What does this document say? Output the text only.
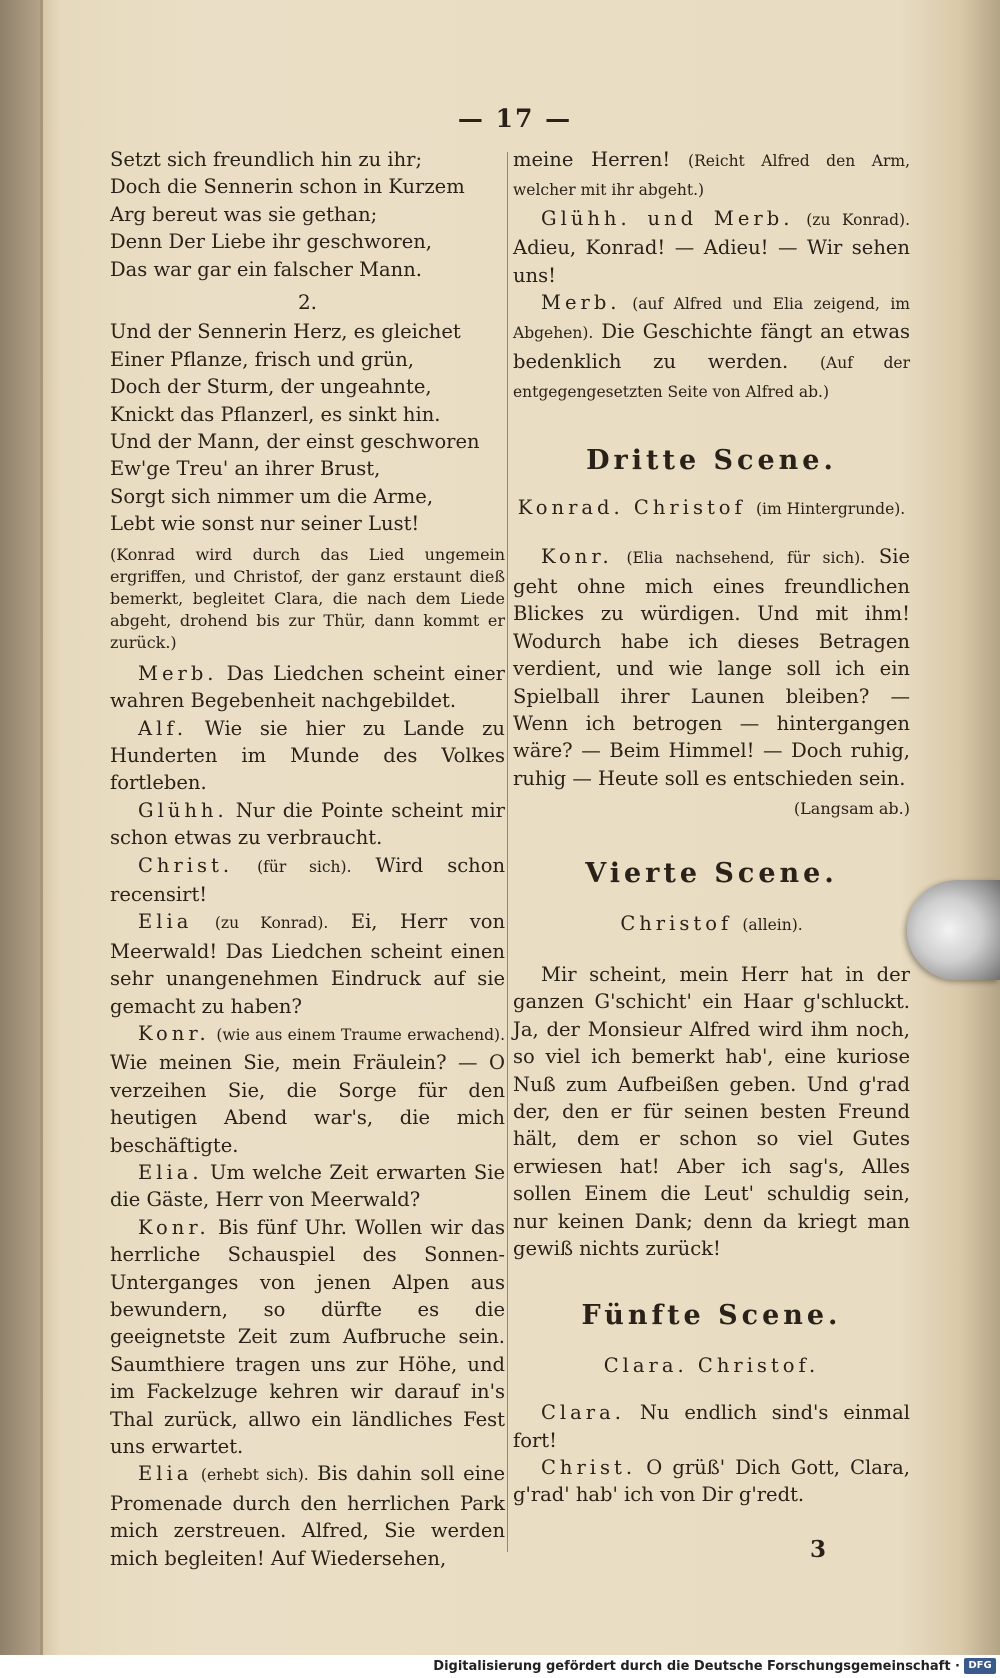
— 17 —
Setzt sich freundlich hin zu ihr;
Doch die Sennerin schon in Kurzem
Arg bereut was sie gethan;
Denn Der Liebe ihr geschworen,
Das war gar ein falscher Mann.
2.
Und der Sennerin Herz, es gleichet
Einer Pflanze, frisch und grün,
Doch der Sturm, der ungeahnte,
Knickt das Pflanzerl, es sinkt hin.
Und der Mann, der einst geschworen
Ew'ge Treu' an ihrer Brust,
Sorgt sich nimmer um die Arme,
Lebt wie sonst nur seiner Lust!

(Konrad wird durch das Lied ungemein ergriffen, und Christof, der ganz erstaunt dieß bemerkt, begleitet Clara, die nach dem Liede abgeht, drohend bis zur Thür, dann kommt er zurück.)

Merb. Das Liedchen scheint einer wahren Begebenheit nachgebildet.

Alf. Wie sie hier zu Lande zu Hunderten im Munde des Volkes fortleben.

Glühh. Nur die Pointe scheint mir schon etwas zu verbraucht.

Christ. (für sich). Wird schon recensirt!

Elia (zu Konrad). Ei, Herr von Meerwald! Das Liedchen scheint einen sehr unangenehmen Eindruck auf sie gemacht zu haben?

Konr. (wie aus einem Traume erwachend). Wie meinen Sie, mein Fräulein? — O verzeihen Sie, die Sorge für den heutigen Abend war's, die mich beschäftigte.

Elia. Um welche Zeit erwarten Sie die Gäste, Herr von Meerwald?

Konr. Bis fünf Uhr. Wollen wir das herrliche Schauspiel des Sonnen-Unterganges von jenen Alpen aus bewundern, so dürfte es die geeignetste Zeit zum Aufbruche sein. Saumthiere tragen uns zur Höhe, und im Fackelzuge kehren wir darauf in's Thal zurück, allwo ein ländliches Fest uns erwartet.

Elia (erhebt sich). Bis dahin soll eine Promenade durch den herrlichen Park mich zerstreuen. Alfred, Sie werden mich begleiten! Auf Wiedersehen,

meine Herren! (Reicht Alfred den Arm, welcher mit ihr abgeht.)

Glühh. und Merb. (zu Konrad). Adieu, Konrad! — Adieu! — Wir sehen uns!

Merb. (auf Alfred und Elia zeigend, im Abgehen). Die Geschichte fängt an etwas bedenklich zu werden. (Auf der entgegengesetzten Seite von Alfred ab.)

Dritte Scene.

Konrad. Christof (im Hintergrunde).

Konr. (Elia nachsehend, für sich). Sie geht ohne mich eines freundlichen Blickes zu würdigen. Und mit ihm! Wodurch habe ich dieses Betragen verdient, und wie lange soll ich ein Spielball ihrer Launen bleiben? — Wenn ich betrogen — hintergangen wäre? — Beim Himmel! — Doch ruhig, ruhig — Heute soll es entschieden sein.

(Langsam ab.)

Vierte Scene.

Christof (allein).

Mir scheint, mein Herr hat in der ganzen G'schicht' ein Haar g'schluckt. Ja, der Monsieur Alfred wird ihm noch, so viel ich bemerkt hab', eine kuriose Nuß zum Aufbeißen geben. Und g'rad der, den er für seinen besten Freund hält, dem er schon so viel Gutes erwiesen hat! Aber ich sag's, Alles sollen Einem die Leut' schuldig sein, nur keinen Dank; denn da kriegt man gewiß nichts zurück!

Fünfte Scene.

Clara. Christof.

Clara. Nu endlich sind's einmal fort!

Christ. O grüß' Dich Gott, Clara, g'rad' hab' ich von Dir g'redt.

3
Digitalisierung gefördert durch die Deutsche Forschungsgemeinschaft · DFG
